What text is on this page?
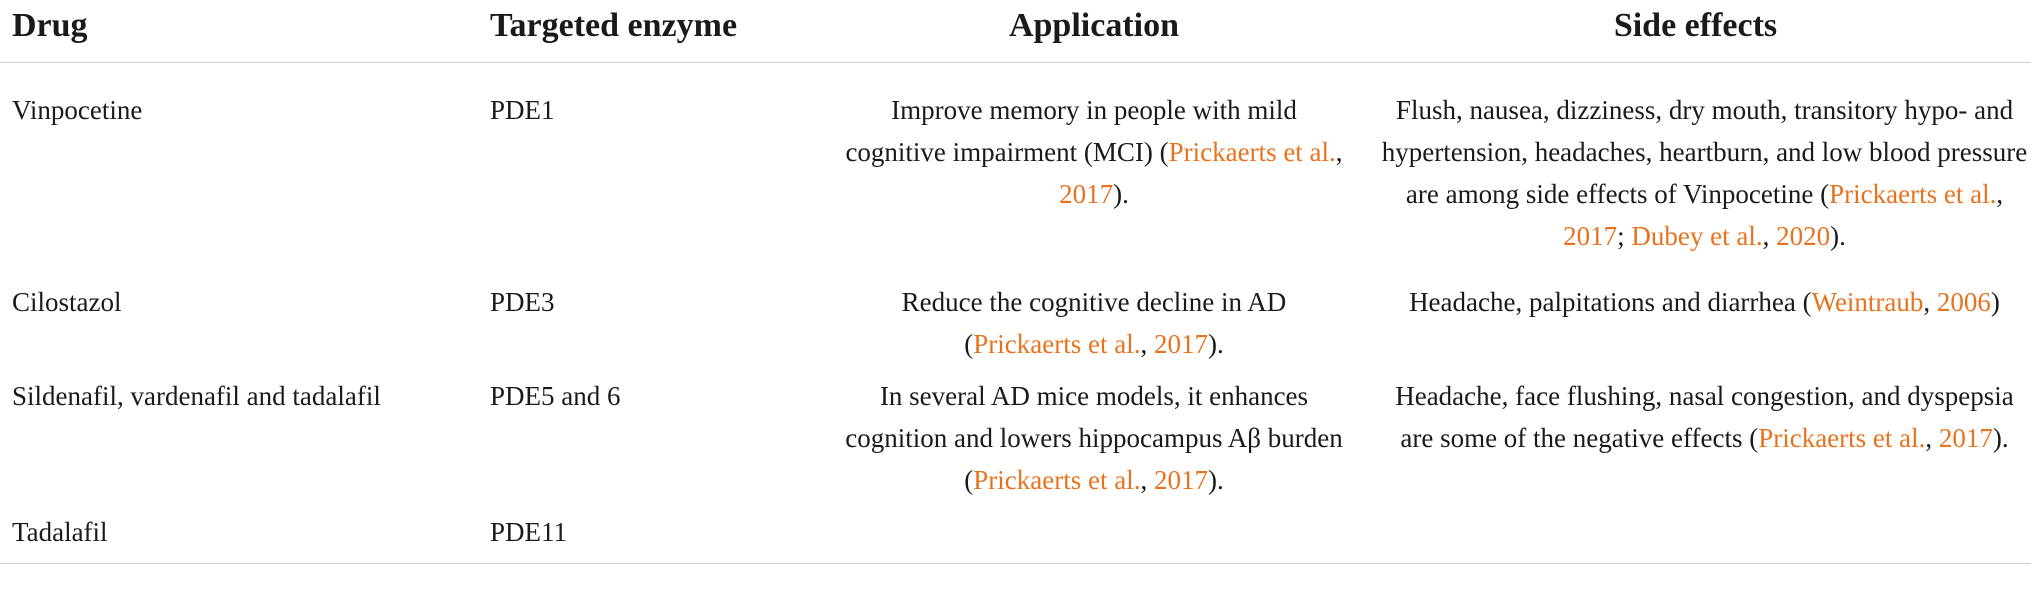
Drug	Targeted enzyme	Application	Side effects
Vinpocetine	PDE1	Improve memory in people with mild cognitive impairment (MCI) (Prickaerts et al., 2017).	Flush, nausea, dizziness, dry mouth, transitory hypo- and hypertension, headaches, heartburn, and low blood pressure are among side effects of Vinpocetine (Prickaerts et al., 2017; Dubey et al., 2020).
Cilostazol	PDE3	Reduce the cognitive decline in AD (Prickaerts et al., 2017).	Headache, palpitations and diarrhea (Weintraub, 2006)
Sildenafil, vardenafil and tadalafil	PDE5 and 6	In several AD mice models, it enhances cognition and lowers hippocampus Aβ burden (Prickaerts et al., 2017).	Headache, face flushing, nasal congestion, and dyspepsia are some of the negative effects (Prickaerts et al., 2017).
Tadalafil	PDE11		
